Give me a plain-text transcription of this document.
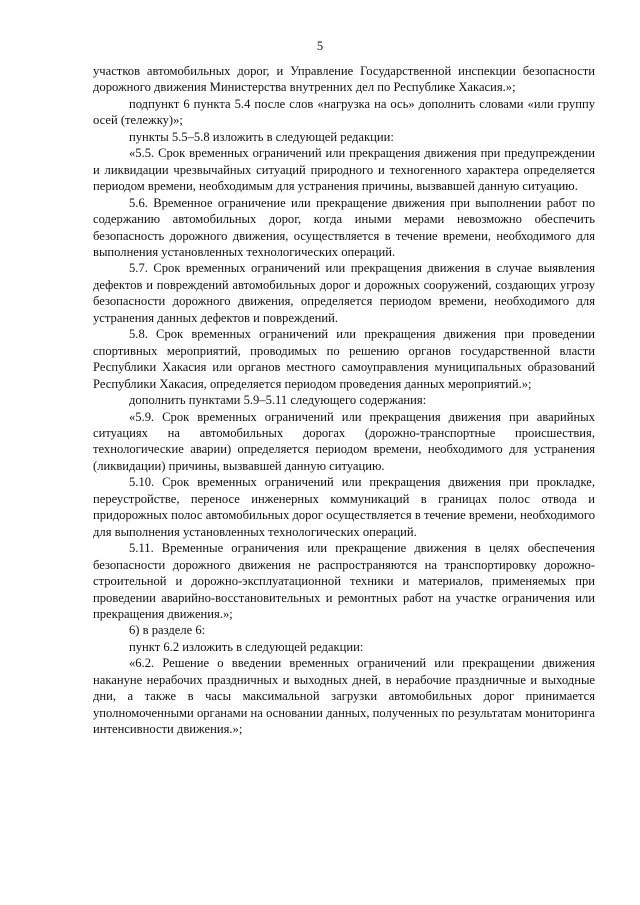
5

участков автомобильных дорог, и Управление Государственной инспекции безопасности дорожного движения Министерства внутренних дел по Республике Хакасия.»;

подпункт 6 пункта 5.4 после слов «нагрузка на ось» дополнить словами «или группу осей (тележку)»;

пункты 5.5–5.8 изложить в следующей редакции:

«5.5. Срок временных ограничений или прекращения движения при предупреждении и ликвидации чрезвычайных ситуаций природного и техногенного характера определяется периодом времени, необходимым для устранения причины, вызвавшей данную ситуацию.

5.6. Временное ограничение или прекращение движения при выполнении работ по содержанию автомобильных дорог, когда иными мерами невозможно обеспечить безопасность дорожного движения, осуществляется в течение времени, необходимого для выполнения установленных технологических операций.

5.7. Срок временных ограничений или прекращения движения в случае выявления дефектов и повреждений автомобильных дорог и дорожных сооружений, создающих угрозу безопасности дорожного движения, определяется периодом времени, необходимого для устранения данных дефектов и повреждений.

5.8. Срок временных ограничений или прекращения движения при проведении спортивных мероприятий, проводимых по решению органов государственной власти Республики Хакасия или органов местного самоуправления муниципальных образований Республики Хакасия, определяется периодом проведения данных мероприятий.»;

дополнить пунктами 5.9–5.11 следующего содержания:

«5.9. Срок временных ограничений или прекращения движения при аварийных ситуациях на автомобильных дорогах (дорожно-транспортные происшествия, технологические аварии) определяется периодом времени, необходимого для устранения (ликвидации) причины, вызвавшей данную ситуацию.

5.10. Срок временных ограничений или прекращения движения при прокладке, переустройстве, переносе инженерных коммуникаций в границах полос отвода и придорожных полос автомобильных дорог осуществляется в течение времени, необходимого для выполнения установленных технологических операций.

5.11. Временные ограничения или прекращение движения в целях обеспечения безопасности дорожного движения не распространяются на транспортировку дорожно-строительной и дорожно-эксплуатационной техники и материалов, применяемых при проведении аварийно-восстановительных и ремонтных работ на участке ограничения или прекращения движения.»;

6) в разделе 6:

пункт 6.2 изложить в следующей редакции:

«6.2. Решение о введении временных ограничений или прекращении движения накануне нерабочих праздничных и выходных дней, в нерабочие праздничные и выходные дни, а также в часы максимальной загрузки автомобильных дорог принимается уполномоченными органами на основании данных, полученных по результатам мониторинга интенсивности движения.»;
